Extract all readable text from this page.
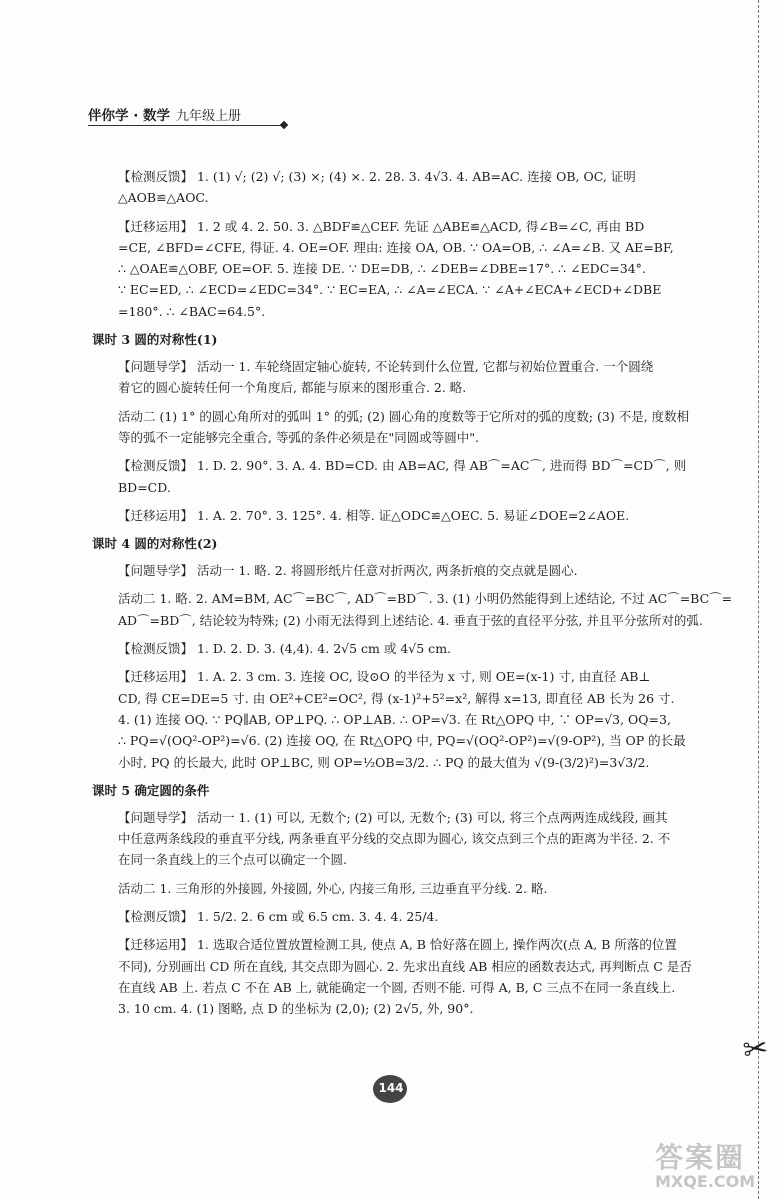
伴你学 · 数学 九年级上册
【检测反馈】 1. (1) √; (2) √; (3) ×; (4) ×. 2. 28. 3. 4√3. 4. AB=AC. 连接 OB, OC, 证明
△AOB≌△AOC.
【迁移运用】 1. 2 或 4. 2. 50. 3. △BDF≌△CEF. 先证 △ABE≌△ACD, 得∠B=∠C, 再由 BD
=CE, ∠BFD=∠CFE, 得证. 4. OE=OF. 理由: 连接 OA, OB. ∵ OA=OB, ∴ ∠A=∠B. 又 AE=BF,
∴ △OAE≌△OBF, OE=OF. 5. 连接 DE. ∵ DE=DB, ∴ ∠DEB=∠DBE=17°. ∴ ∠EDC=34°.
∵ EC=ED, ∴ ∠ECD=∠EDC=34°. ∵ EC=EA, ∴ ∠A=∠ECA. ∵ ∠A+∠ECA+∠ECD+∠DBE
=180°. ∴ ∠BAC=64.5°.
课时 3 圆的对称性(1)
【问题导学】 活动一 1. 车轮绕固定轴心旋转, 不论转到什么位置, 它都与初始位置重合. 一个圆绕
着它的圆心旋转任何一个角度后, 都能与原来的图形重合. 2. 略.
活动二 (1) 1° 的圆心角所对的弧叫 1° 的弧; (2) 圆心角的度数等于它所对的弧的度数; (3) 不是, 度数相
等的弧不一定能够完全重合, 等弧的条件必须是在"同圆或等圆中".
【检测反馈】 1. D. 2. 90°. 3. A. 4. BD=CD. 由 AB=AC, 得 AB⌒=AC⌒, 进而得 BD⌒=CD⌒, 则
BD=CD.
【迁移运用】 1. A. 2. 70°. 3. 125°. 4. 相等. 证△ODC≌△OEC. 5. 易证∠DOE=2∠AOE.
课时 4 圆的对称性(2)
【问题导学】 活动一 1. 略. 2. 将圆形纸片任意对折两次, 两条折痕的交点就是圆心.
活动二 1. 略. 2. AM=BM, AC⌒=BC⌒, AD⌒=BD⌒. 3. (1) 小明仍然能得到上述结论, 不过 AC⌒=BC⌒=
AD⌒=BD⌒, 结论较为特殊; (2) 小雨无法得到上述结论. 4. 垂直于弦的直径平分弦, 并且平分弦所对的弧.
【检测反馈】 1. D. 2. D. 3. (4,4). 4. 2√5 cm 或 4√5 cm.
【迁移运用】 1. A. 2. 3 cm. 3. 连接 OC, 设⊙O 的半径为 x 寸, 则 OE=(x-1) 寸, 由直径 AB⊥
CD, 得 CE=DE=5 寸. 由 OE²+CE²=OC², 得 (x-1)²+5²=x², 解得 x=13, 即直径 AB 长为 26 寸.
4. (1) 连接 OQ. ∵ PQ∥AB, OP⊥PQ. ∴ OP⊥AB. ∴ OP=√3. 在 Rt△OPQ 中, ∵ OP=√3, OQ=3,
∴ PQ=√(OQ²-OP²)=√6. (2) 连接 OQ, 在 Rt△OPQ 中, PQ=√(OQ²-OP²)=√(9-OP²), 当 OP 的长最
小时, PQ 的长最大, 此时 OP⊥BC, 则 OP=½OB=3/2. ∴ PQ 的最大值为 √(9-(3/2)²)=3√3/2.
课时 5 确定圆的条件
【问题导学】 活动一 1. (1) 可以, 无数个; (2) 可以, 无数个; (3) 可以, 将三个点两两连成线段, 画其
中任意两条线段的垂直平分线, 两条垂直平分线的交点即为圆心, 该交点到三个点的距离为半径. 2. 不
在同一条直线上的三个点可以确定一个圆.
活动二 1. 三角形的外接圆, 外接圆, 外心, 内接三角形, 三边垂直平分线. 2. 略.
【检测反馈】 1. 5/2. 2. 6 cm 或 6.5 cm. 3. 4. 4. 25/4.
【迁移运用】 1. 选取合适位置放置检测工具, 使点 A, B 恰好落在圆上, 操作两次(点 A, B 所落的位置
不同), 分别画出 CD 所在直线, 其交点即为圆心. 2. 先求出直线 AB 相应的函数表达式, 再判断点 C 是否
在直线 AB 上. 若点 C 不在 AB 上, 就能确定一个圆, 否则不能. 可得 A, B, C 三点不在同一条直线上.
3. 10 cm. 4. (1) 图略, 点 D 的坐标为 (2,0); (2) 2√5, 外, 90°.
✂
144
答案圈
MXQE.COM
